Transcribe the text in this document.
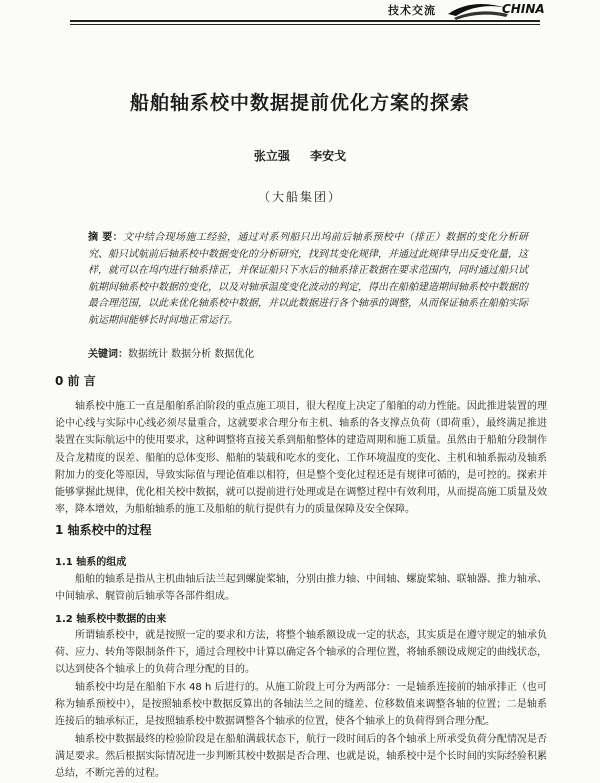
技术交流	CHINA
船舶轴系校中数据提前优化方案的探索
张立强 李安戈
（大船集团）
摘 要：文中结合现场施工经验，通过对系列船只出坞前后轴系预校中（排正）数据的变化分析研究、船只试航前后轴系校中数据变化的分析研究，找到其变化规律，并通过此规律导出反变化量，这样，就可以在坞内进行轴系排正，并保证船只下水后的轴系排正数据在要求范围内，同时通过船只试航期间轴系校中数据的变化，以及对轴承温度变化波动的判定，得出在船舶建造期间轴系校中数据的最合理范围，以此来优化轴系校中数据，并以此数据进行各个轴承的调整，从而保证轴系在船舶实际航运期间能够长时间地正常运行。
关键词：数据统计 数据分析 数据优化
0 前 言
轴系校中施工一直是船舶系泊阶段的重点施工项目，很大程度上决定了船舶的动力性能。因此推进装置的理论中心线与实际中心线必须尽量重合，这就要求合理分布主机、轴系的各支撑点负荷（即荷重），最终满足推进装置在实际航运中的使用要求，这种调整将直接关系到船舶整体的建造周期和施工质量。虽然由于船舶分段制作及合龙精度的误差、船舶的总体变形、船舶的装载和吃水的变化、工作环境温度的变化、主机和轴系振动及轴系附加力的变化等原因，导致实际值与理论值难以相符，但是整个变化过程还是有规律可循的，是可控的。探索并能够掌握此规律，优化相关校中数据，就可以提前进行处理或是在调整过程中有效利用，从而提高施工质量及效率，降本增效，为船舶轴系的施工及船舶的航行提供有力的质量保障及安全保障。
1 轴系校中的过程
1.1 轴系的组成
船舶的轴系是指从主机曲轴后法兰起到螺旋桨轴，分别由推力轴、中间轴、螺旋桨轴、联轴器、推力轴承、中间轴承、艉管前后轴承等各部件组成。
1.2 轴系校中数据的由来
所谓轴系校中，就是按照一定的要求和方法，将整个轴系额设成一定的状态，其实质是在遵守规定的轴承负荷、应力、转角等限制条件下，通过合理校中计算以确定各个轴承的合理位置，将轴系额设成规定的曲线状态，以达到使各个轴承上的负荷合理分配的目的。
轴系校中均是在船舶下水 48 h 后进行的。从施工阶段上可分为两部分：一是轴系连接前的轴承排正（也可称为轴系预校中），是按照轴系校中数据反算出的各轴法兰之间的缝差、位移数值来调整各轴的位置；二是轴系连接后的轴承标正，是按照轴系校中数据调整各个轴承的位置，使各个轴承上的负荷得到合理分配。
轴系校中数据最终的检验阶段是在船舶满载状态下，航行一段时间后的各个轴承上所承受负荷分配情况是否满足要求。然后根据实际情况进一步判断其校中数据是否合理、也就是说，轴系校中是个长时间的实际经验积累总结，不断完善的过程。
